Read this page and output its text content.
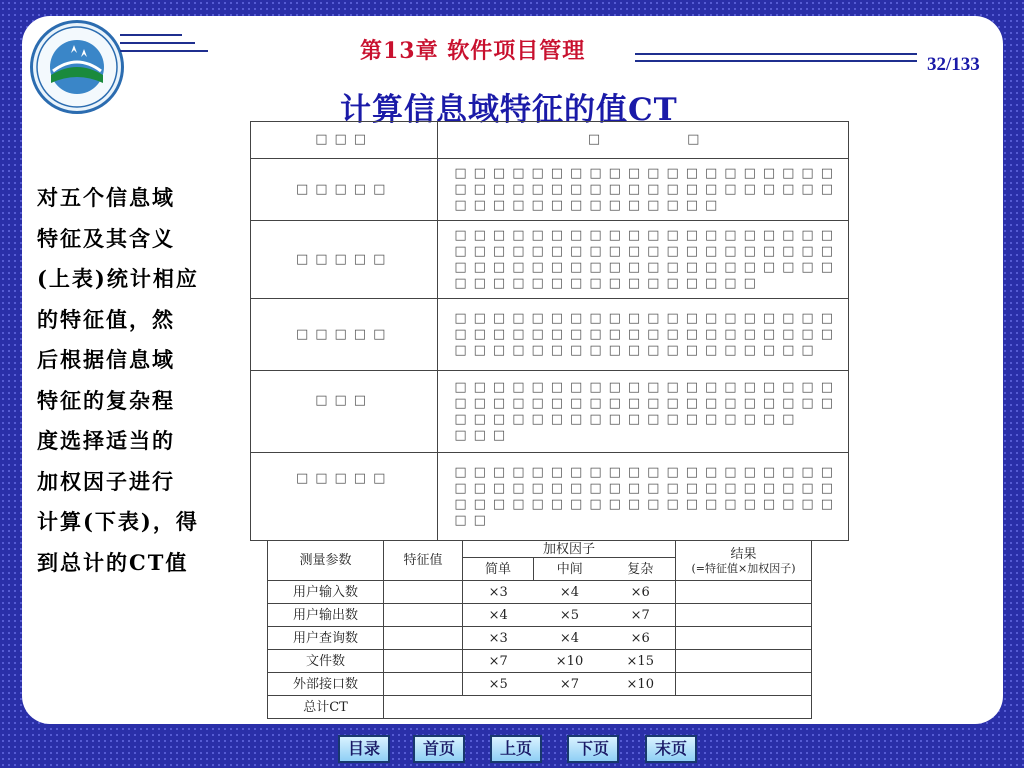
第13章 软件项目管理
32/133
计算信息域特征的值CT
对五个信息域
特征及其含义
(上表)统计相应
的特征值，然
后根据信息域
特征的复杂程
度选择适当的
加权因子进行
计算(下表)，得
到总计的CT值
□□□	□　　　　□
□□□□□	□□□□□□□□□□□□□□□□□□□□
□□□□□□□□□□□□□□□□□□□□
□□□□□□□□□□□□□□

□□□□□	□□□□□□□□□□□□□□□□□□□□
□□□□□□□□□□□□□□□□□□□□
□□□□□□□□□□□□□□□□□□□□
□□□□□□□□□□□□□□□□

□□□□□	□□□□□□□□□□□□□□□□□□□□
□□□□□□□□□□□□□□□□□□□□
□□□□□□□□□□□□□□□□□□□

□□□	□□□□□□□□□□□□□□□□□□□□
□□□□□□□□□□□□□□□□□□□□
□□□□□□□□□□□□□□□□□□
□□□

□□□□□	□□□□□□□□□□□□□□□□□□□□
□□□□□□□□□□□□□□□□□□□□
□□□□□□□□□□□□□□□□□□□□
□□
测量参数	特征值	加权因子			结果
(=特征值×加权因子)

		简单	中间	复杂	
用户输入数		×3	×4	×6	
用户输出数		×4	×5	×7	
用户查询数		×3	×4	×6	
文件数		×7	×10	×15	
外部接口数		×5	×7	×10	
总计CT					
目录	首页	上页	下页	末页
